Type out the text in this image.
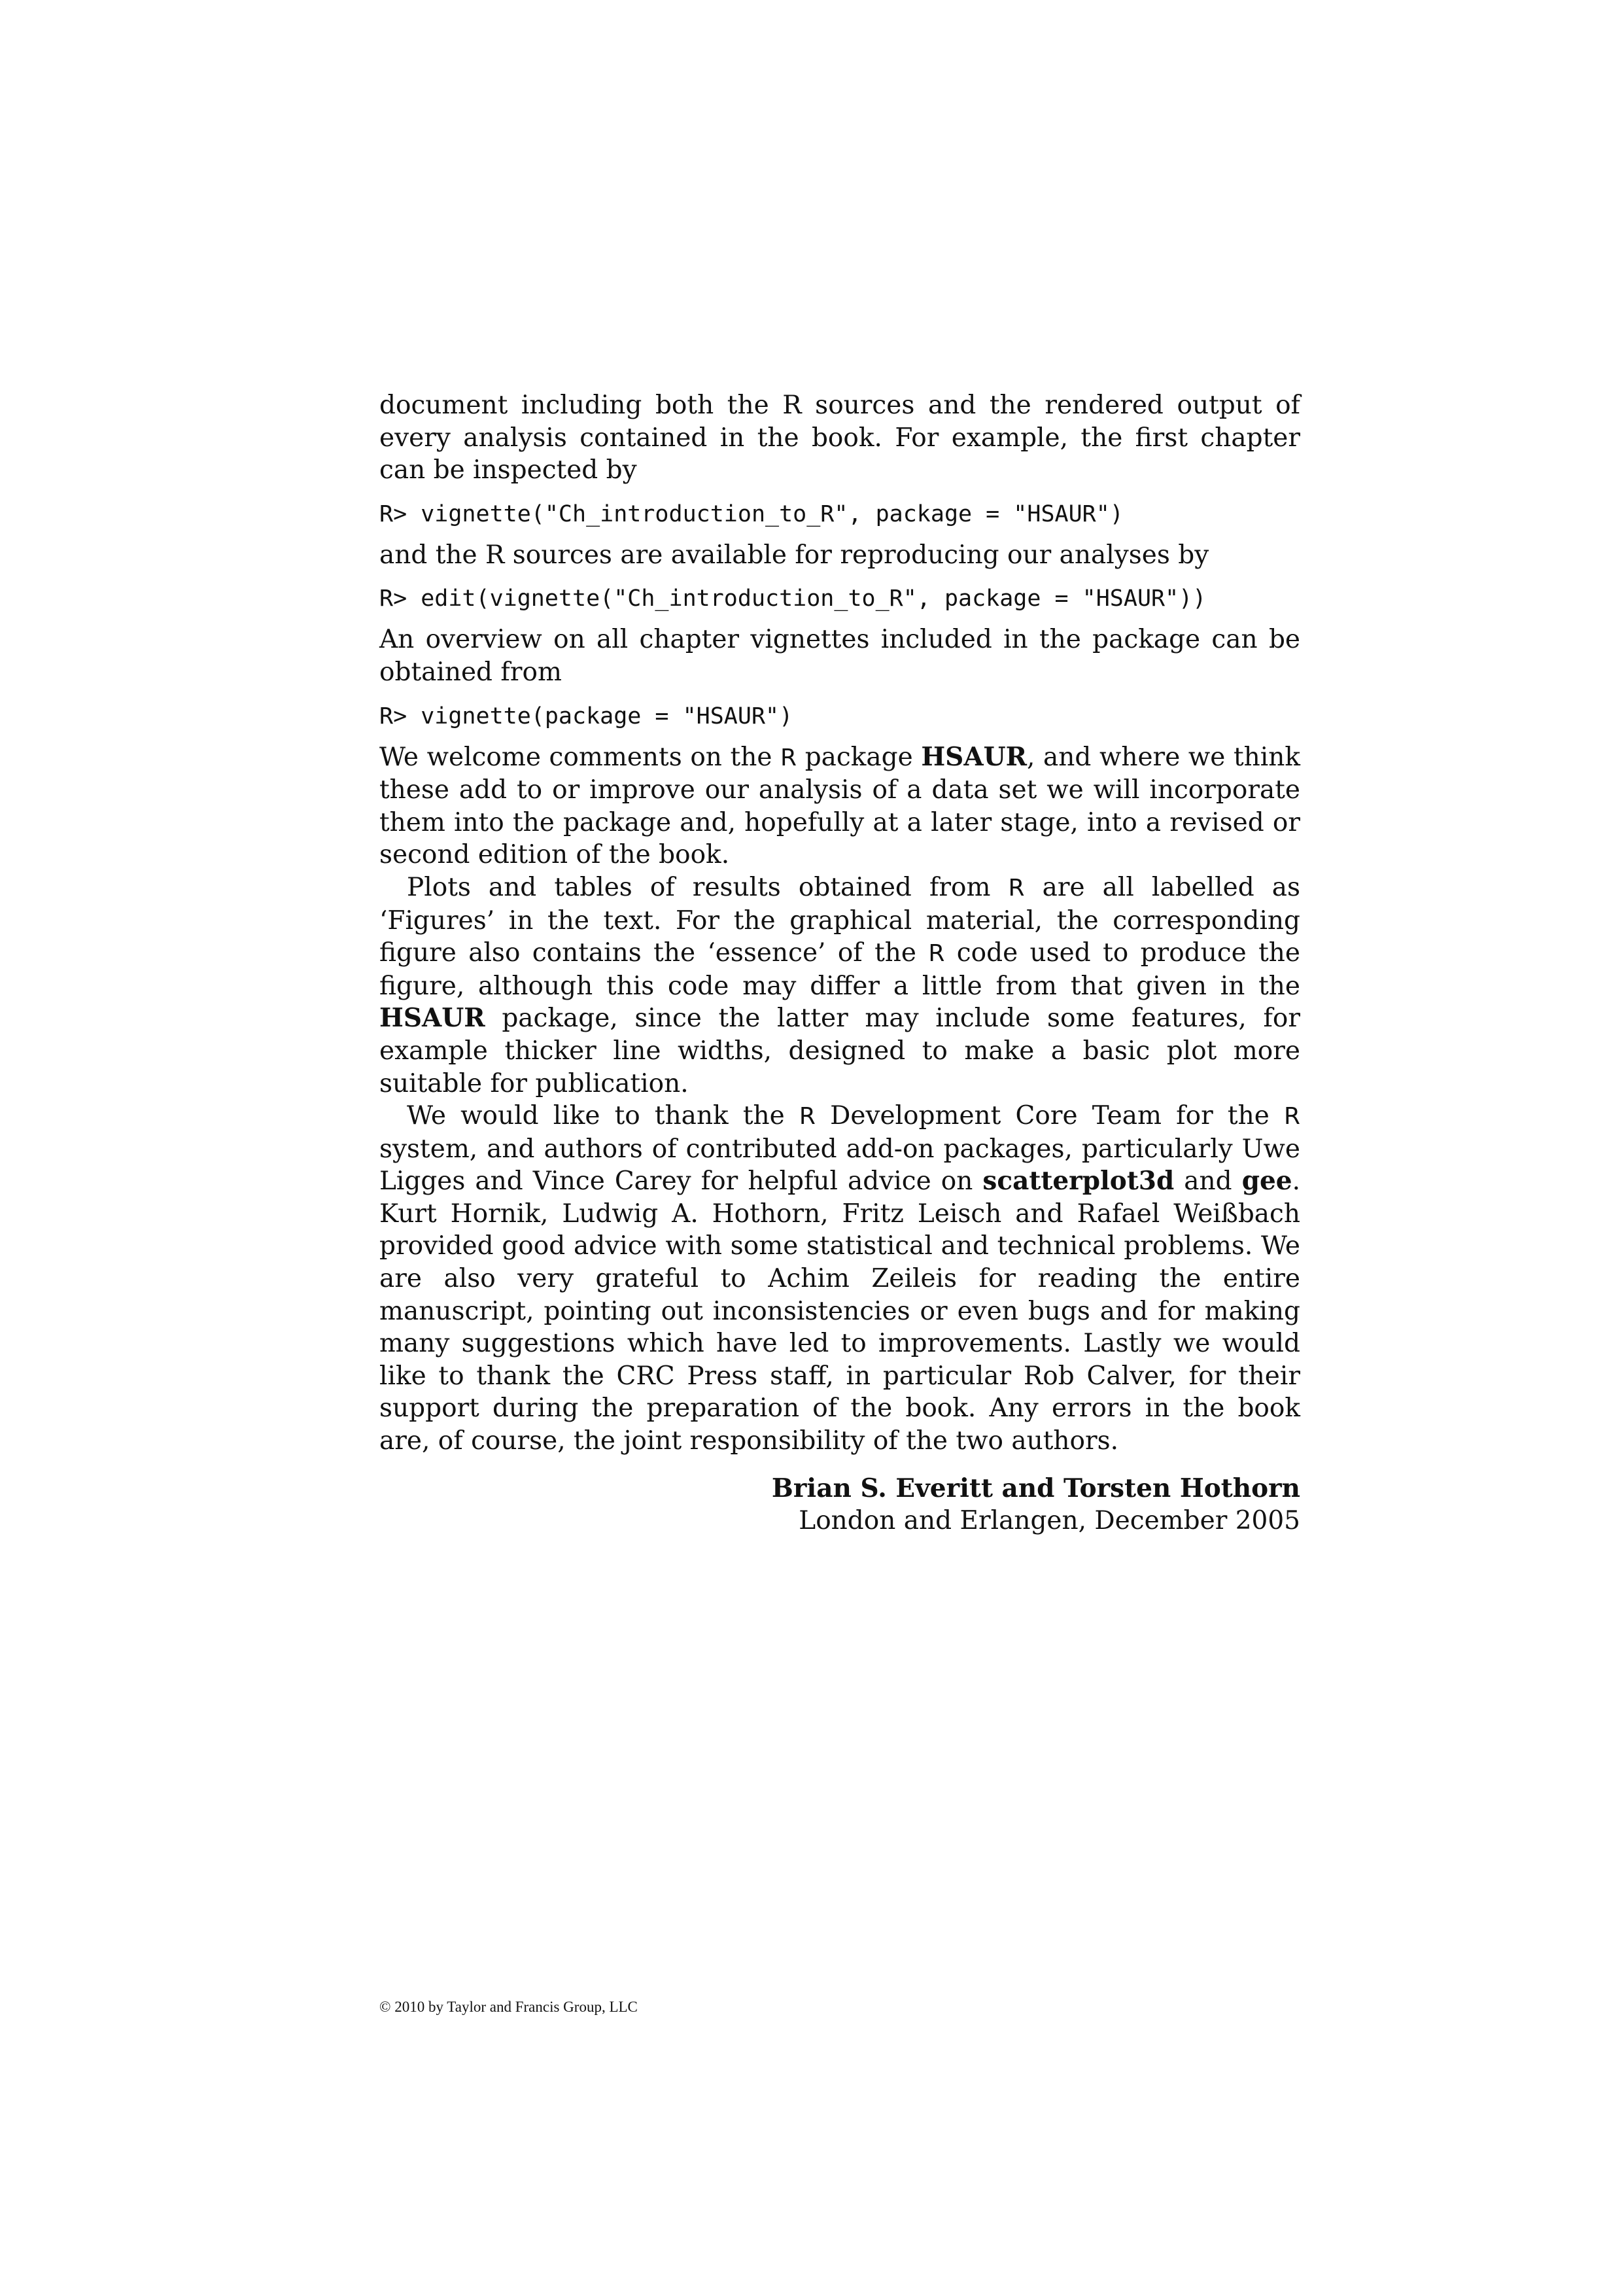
document including both the R sources and the rendered output of every analysis contained in the book. For example, the first chapter can be inspected by

R> vignette("Ch_introduction_to_R", package = "HSAUR")

and the R sources are available for reproducing our analyses by

R> edit(vignette("Ch_introduction_to_R", package = "HSAUR"))

An overview on all chapter vignettes included in the package can be obtained from

R> vignette(package = "HSAUR")

We welcome comments on the R package HSAUR, and where we think these add to or improve our analysis of a data set we will incorporate them into the package and, hopefully at a later stage, into a revised or second edition of the book.

Plots and tables of results obtained from R are all labelled as ‘Figures’ in the text. For the graphical material, the corresponding figure also contains the ‘essence’ of the R code used to produce the figure, although this code may differ a little from that given in the HSAUR package, since the latter may include some features, for example thicker line widths, designed to make a basic plot more suitable for publication.

We would like to thank the R Development Core Team for the R system, and authors of contributed add-on packages, particularly Uwe Ligges and Vince Carey for helpful advice on scatterplot3d and gee. Kurt Hornik, Ludwig A. Hothorn, Fritz Leisch and Rafael Weißbach provided good advice with some statistical and technical problems. We are also very grateful to Achim Zeileis for reading the entire manuscript, pointing out inconsistencies or even bugs and for making many suggestions which have led to improvements. Lastly we would like to thank the CRC Press staff, in particular Rob Calver, for their support during the preparation of the book. Any errors in the book are, of course, the joint responsibility of the two authors.

Brian S. Everitt and Torsten Hothorn
London and Erlangen, December 2005
© 2010 by Taylor and Francis Group, LLC
